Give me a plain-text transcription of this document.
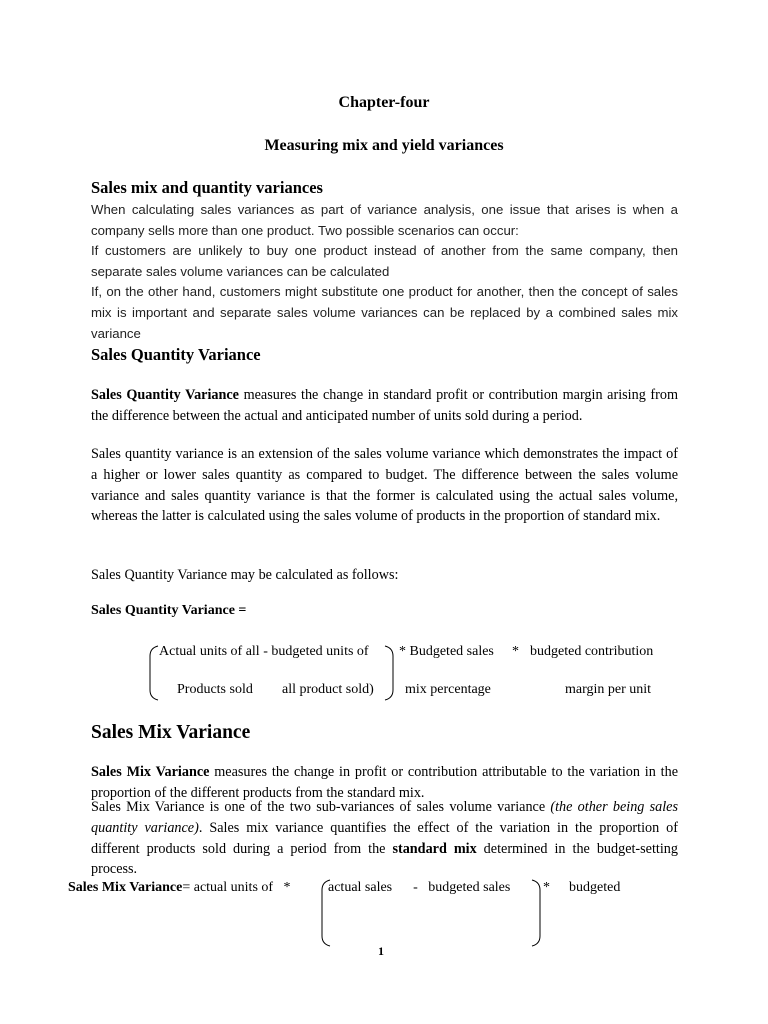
Chapter-four
Measuring mix and yield variances
Sales mix and quantity variances

When calculating sales variances as part of variance analysis, one issue that arises is when a company sells more than one product. Two possible scenarios can occur:

If customers are unlikely to buy one product instead of another from the same company, then separate sales volume variances can be calculated

If, on the other hand, customers might substitute one product for another, then the concept of sales mix is important and separate sales volume variances can be replaced by a combined sales mix variance

Sales Quantity Variance

Sales Quantity Variance measures the change in standard profit or contribution margin arising from the difference between the actual and anticipated number of units sold during a period.

Sales quantity variance is an extension of the sales volume variance which demonstrates the impact of a higher or lower sales quantity as compared to budget. The difference between the sales volume variance and sales quantity variance is that the former is calculated using the actual sales volume, whereas the latter is calculated using the sales volume of products in the proportion of standard mix.

Sales Quantity Variance may be calculated as follows:

Sales Quantity Variance =
Actual units of all - budgeted units of * Budgeted sales * budgeted contribution
Products sold all product sold) mix percentage	margin per unit
Sales Mix Variance

Sales Mix Variance measures the change in profit or contribution attributable to the variation in the proportion of the different products from the standard mix.

Sales Mix Variance is one of the two sub-variances of sales volume variance (the other being sales quantity variance). Sales mix variance quantifies the effect of the variation in the proportion of different products sold during a period from the standard mix determined in the budget-setting process.

Sales Mix Variance= actual units of   *	actual sales      -   budgeted sales * budgeted
1
